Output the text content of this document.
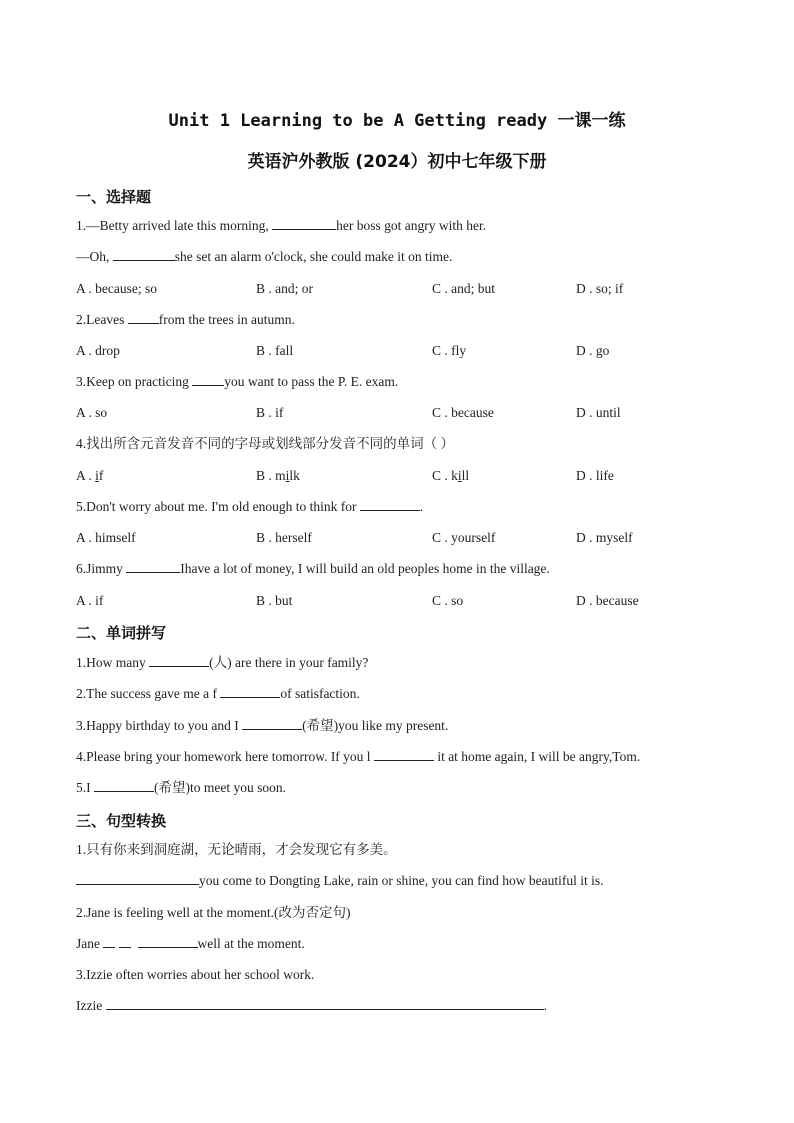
Unit 1 Learning to be A Getting ready 一课一练
英语沪外教版 (2024）初中七年级下册
一、选择题
1.—Betty arrived late this morning,	her boss got angry with her.
—Oh,	she set an alarm o'clock, she could make it on time.
A . because; so	B . and; or	C . and; but	D . so; if
2.Leaves from the trees in autumn.
A . drop	B . fall	C . fly	D . go
3.Keep on practicing you want to pass the P. E. exam.
A . so	B . if	C . because	D . until
4.找出所含元音发音不同的字母或划线部分发音不同的单词（ ）
A . if	B . milk	C . kill	D . life
5.Don't worry about me. I'm old enough to think for	.
A . himself	B . herself	C . yourself	D . myself
6.Jimmy	Ihave a lot of money, I will build an old peoples home in the village.
A . if	B . but	C . so	D . because
二、单词拼写
1.How many	(人) are there in your family?
2.The success gave me a f	of satisfaction.
3.Happy birthday to you and I	(希望)you like my present.
4.Please bring your homework here tomorrow. If you l	it at home again, I will be angry,Tom.
5.I	(希望)to meet you soon.
三、句型转换
1.只有你来到洞庭湖，无论晴雨，才会发现它有多美。
you come to Dongting Lake, rain or shine, you can find how beautiful it is.
2.Jane is feeling well at the moment.(改为否定句)
Jane	well at the moment.
3.Izzie often worries about her school work.
Izzie	.
